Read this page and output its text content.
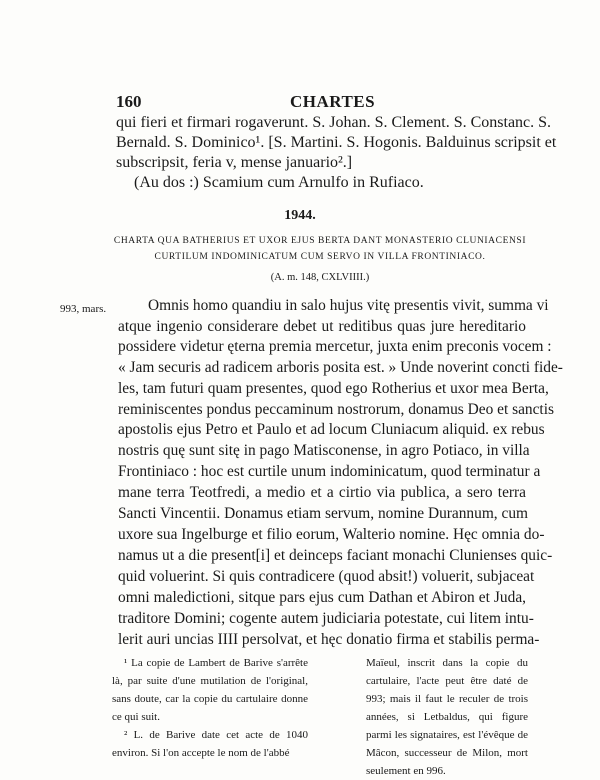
160	CHARTES
qui fieri et firmari rogaverunt. S. Johan. S. Clement. S. Constanc. S.
Bernald. S. Dominico¹. [S. Martini. S. Hogonis. Balduinus scripsit et
subscripsit, feria v, mense januario².]
(Au dos :) Scamium cum Arnulfo in Rufiaco.
1944.
CHARTA QUA BATHERIUS ET UXOR EJUS BERTA DANT MONASTERIO CLUNIACENSI
CURTILUM INDOMINICATUM CUM SERVO IN VILLA FRONTINIACO.
(A. m. 148, CXLVIIII.)
993, mars.	Omnis homo quandiu in salo hujus vitę presentis vivit, summa vi
atque ingenio considerare debet ut reditibus quas jure hereditario
possidere videtur ęterna premia mercetur, juxta enim preconis vocem :
« Jam securis ad radicem arboris posita est. » Unde noverint concti fide-
les, tam futuri quam presentes, quod ego Rotherius et uxor mea Berta,
reminiscentes pondus peccaminum nostrorum, donamus Deo et sanctis
apostolis ejus Petro et Paulo et ad locum Cluniacum aliquid. ex rebus
nostris quę sunt sitę in pago Matisconense, in agro Potiaco, in villa
Frontiniaco : hoc est curtile unum indominicatum, quod terminatur a
mane terra Teotfredi, a medio et a cirtio via publica, a sero terra
Sancti Vincentii. Donamus etiam servum, nomine Durannum, cum
uxore sua Ingelburge et filio eorum, Walterio nomine. Hęc omnia do-
namus ut a die present[i] et deinceps faciant monachi Clunienses quic-
quid voluerint. Si quis contradicere (quod absit!) voluerit, subjaceat
omni maledictioni, sitque pars ejus cum Dathan et Abiron et Juda,
traditore Domini; cogente autem judiciaria potestate, cui litem intu-
lerit auri uncias IIII persolvat, et hęc donatio firma et stabilis perma-

¹ La copie de Lambert de Barive s'arrête là, par suite d'une mutilation de l'original, sans doute, car la copie du cartulaire donne ce qui suit.

² L. de Barive date cet acte de 1040 environ. Si l'on accepte le nom de l'abbé

Maïeul, inscrit dans la copie du cartulaire, l'acte peut être daté de 993; mais il faut le reculer de trois années, si Letbaldus, qui figure parmi les signataires, est l'évêque de Mâcon, successeur de Milon, mort seulement en 996.
